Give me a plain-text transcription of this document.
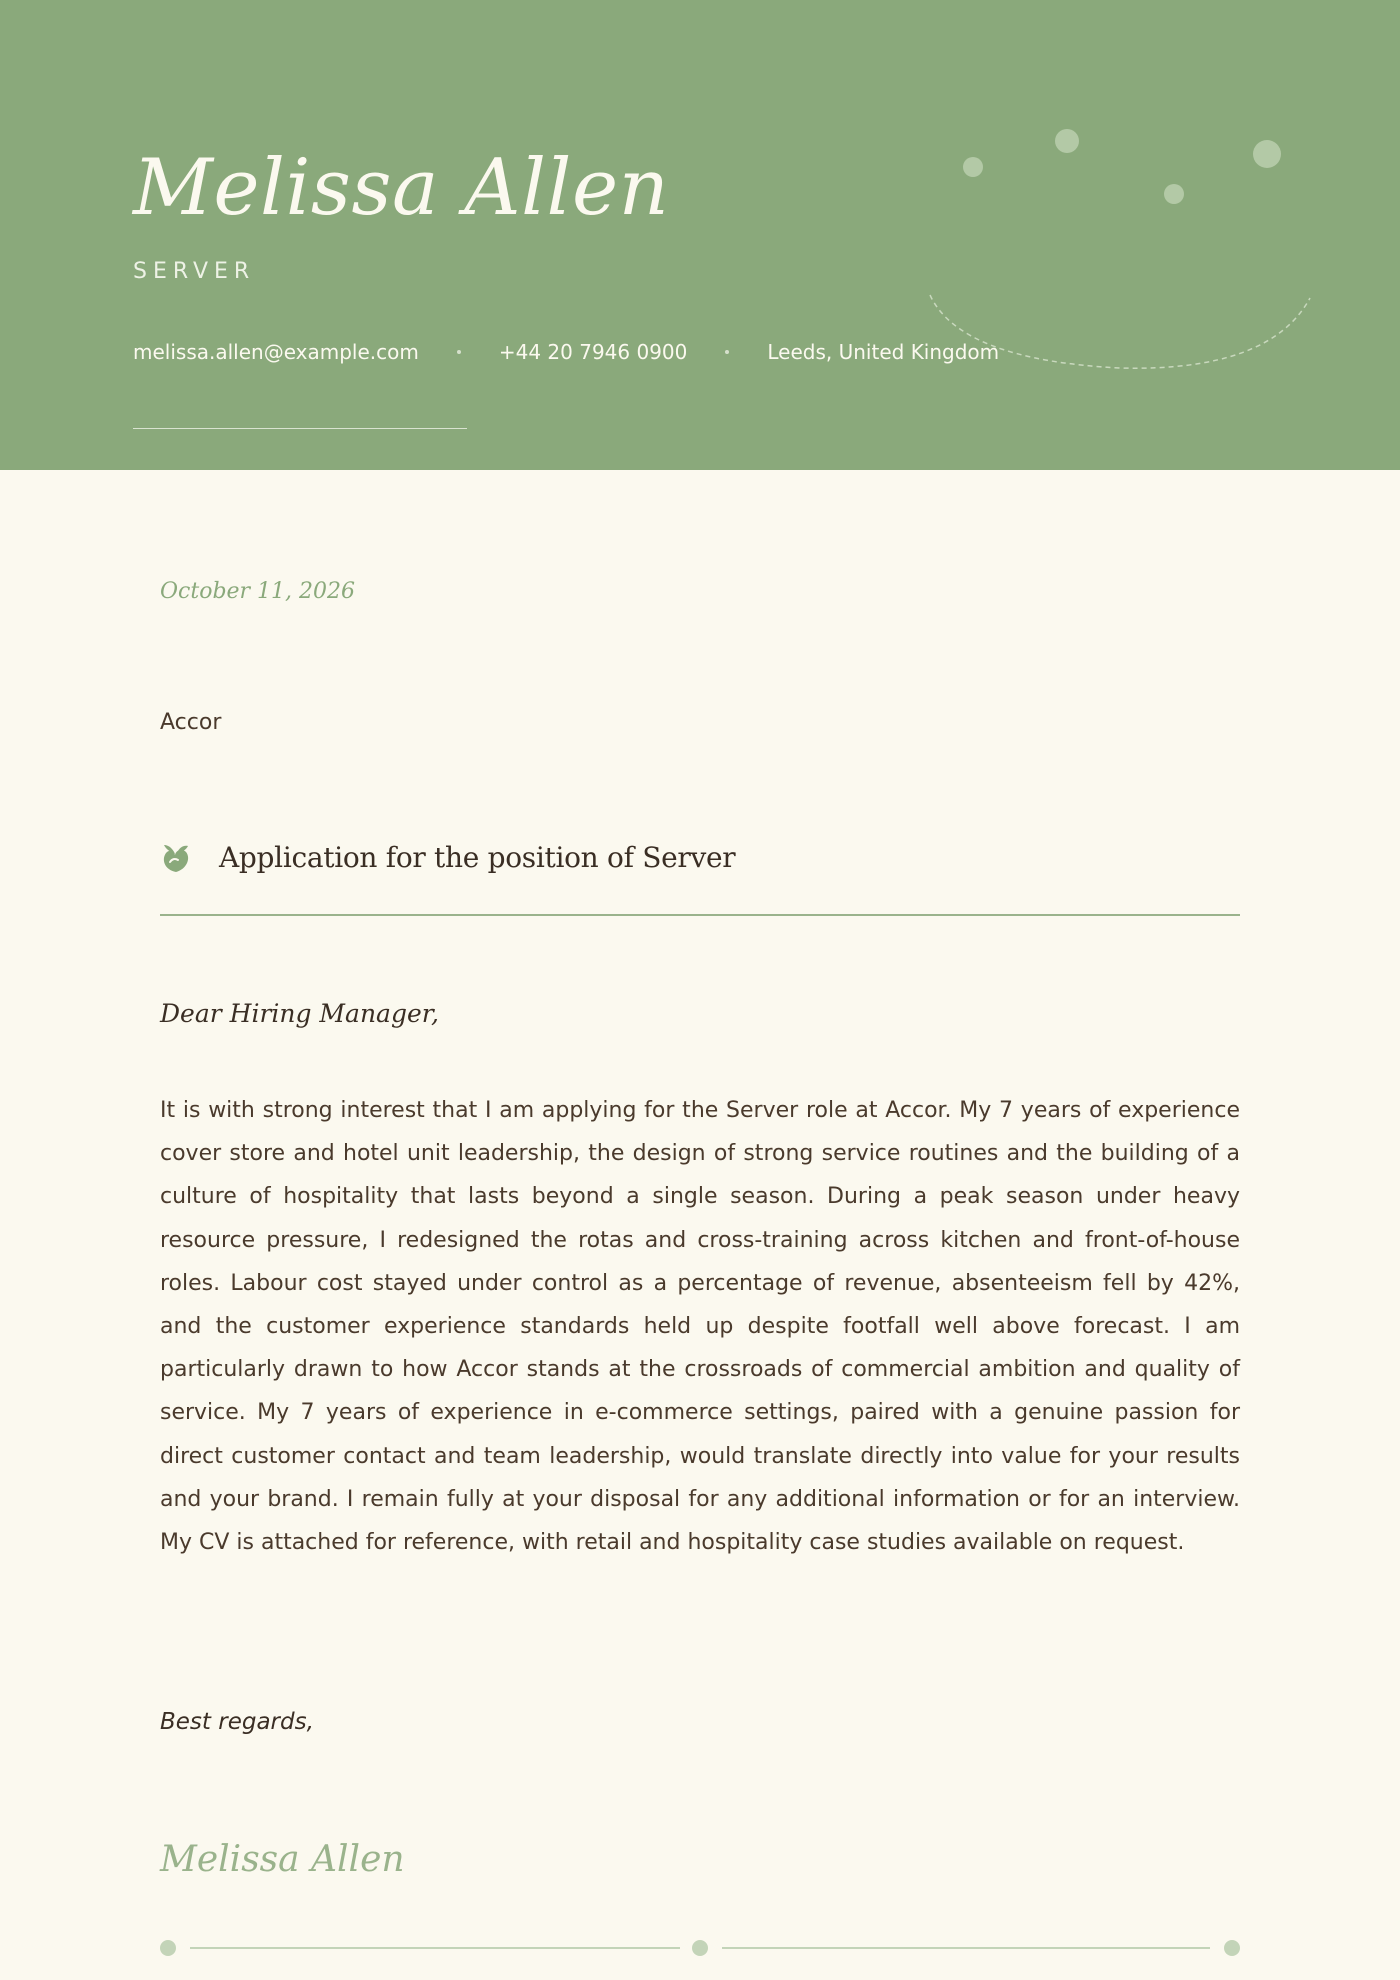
Melissa Allen
SERVER
melissa.allen@example.com	+44 20 7946 0900	Leeds, United Kingdom
October 11, 2026
Accor
Application for the position of Server
Dear Hiring Manager,

It is with strong interest that I am applying for the Server role at Accor. My 7 years of experience cover store and hotel unit leadership, the design of strong service routines and the building of a culture of hospitality that lasts beyond a single season. During a peak season under heavy resource pressure, I redesigned the rotas and cross-training across kitchen and front-of-house roles. Labour cost stayed under control as a percentage of revenue, absenteeism fell by 42%, and the customer experience standards held up despite footfall well above forecast. I am particularly drawn to how Accor stands at the crossroads of commercial ambition and quality of service. My 7 years of experience in e-commerce settings, paired with a genuine passion for direct customer contact and team leadership, would translate directly into value for your results and your brand. I remain fully at your disposal for any additional information or for an interview. My CV is attached for reference, with retail and hospitality case studies available on request.

Best regards,
Melissa Allen
